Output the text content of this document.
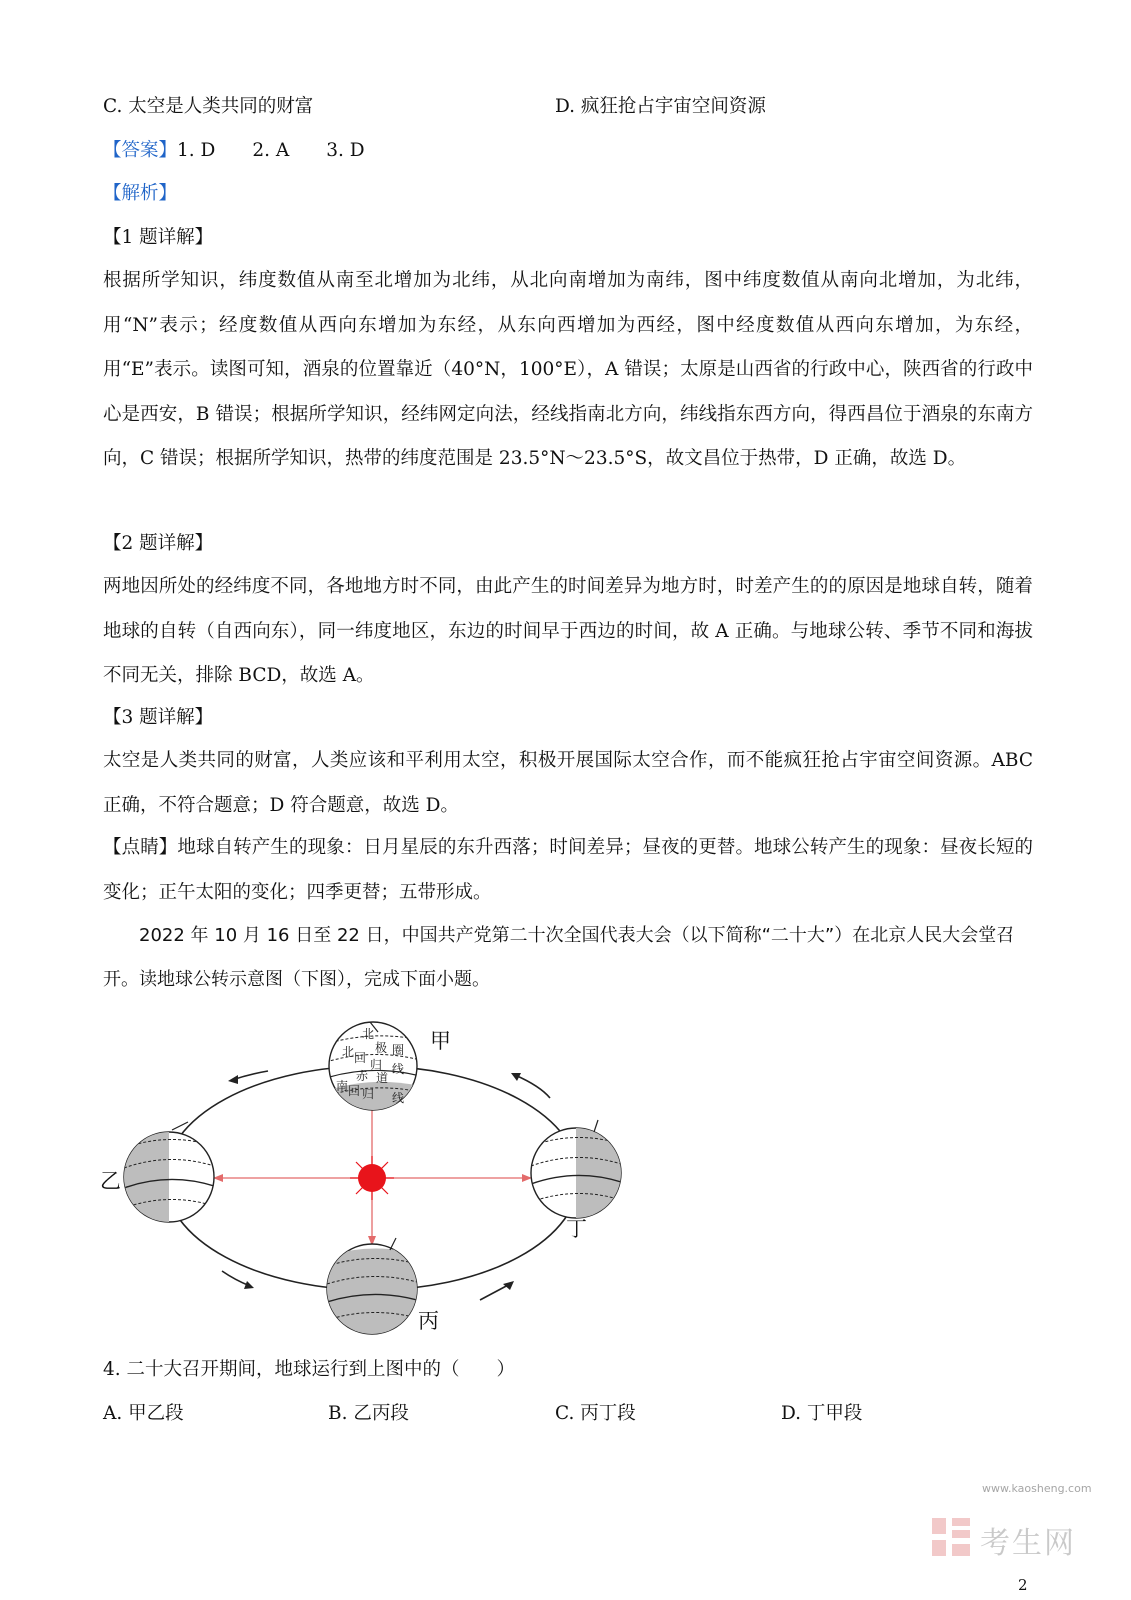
C. 太空是人类共同的财富	D. 疯狂抢占宇宙空间资源
【答案】1. D　　2. A　　3. D
【解析】
【1 题详解】
根据所学知识，纬度数值从南至北增加为北纬，从北向南增加为南纬，图中纬度数值从南向北增加，为北纬，用“N”表示；经度数值从西向东增加为东经，从东向西增加为西经，图中经度数值从西向东增加，为东经，用“E”表示。读图可知，酒泉的位置靠近（40°N，100°E），A 错误；太原是山西省的行政中心，陕西省的行政中心是西安，B 错误；根据所学知识，经纬网定向法，经线指南北方向，纬线指东西方向，得西昌位于酒泉的东南方向，C 错误；根据所学知识，热带的纬度范围是 23.5°N～23.5°S，故文昌位于热带，D 正确，故选 D。
【2 题详解】
两地因所处的经纬度不同，各地地方时不同，由此产生的时间差异为地方时，时差产生的的原因是地球自转，随着地球的自转（自西向东），同一纬度地区，东边的时间早于西边的时间，故 A 正确。与地球公转、季节不同和海拔不同无关，排除 BCD，故选 A。
【3 题详解】
太空是人类共同的财富，人类应该和平利用太空，积极开展国际太空合作，而不能疯狂抢占宇宙空间资源。ABC 正确，不符合题意；D 符合题意，故选 D。
【点睛】地球自转产生的现象：日月星辰的东升西落；时间差异；昼夜的更替。地球公转产生的现象：昼夜长短的变化；正午太阳的变化；四季更替；五带形成。
2022 年 10 月 16 日至 22 日，中国共产党第二十次全国代表大会（以下简称“二十大”）在北京人民大会堂召开。读地球公转示意图（下图），完成下面小题。
北
极 圈
北 回 归 线
赤 道
南 回 归 线
甲
乙
丁
丙
4. 二十大召开期间，地球运行到上图中的（　　）
A. 甲乙段	B. 乙丙段	C. 丙丁段	D. 丁甲段
www.kaosheng.com
考生网
2
